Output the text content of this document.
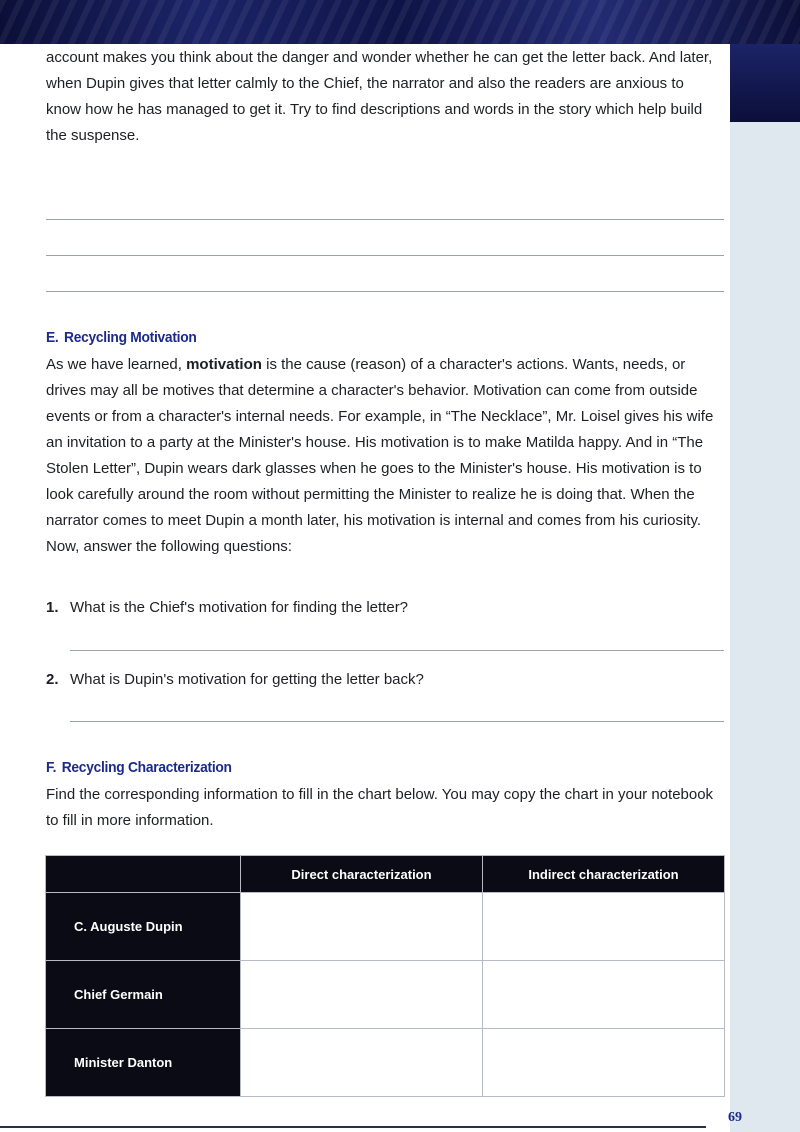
account makes you think about the danger and wonder whether he can get the letter back. And later, when Dupin gives that letter calmly to the Chief, the narrator and also the readers are anxious to know how he has managed to get it. Try to find descriptions and words in the story which help build the suspense.

E. Recycling Motivation

As we have learned, motivation is the cause (reason) of a character's actions. Wants, needs, or drives may all be motives that determine a character's behavior. Motivation can come from outside events or from a character's internal needs. For example, in “The Necklace”, Mr. Loisel gives his wife an invitation to a party at the Minister's house. His motivation is to make Matilda happy. And in “The Stolen Letter”, Dupin wears dark glasses when he goes to the Minister's house. His motivation is to look carefully around the room without permitting the Minister to realize he is doing that. When the narrator comes to meet Dupin a month later, his motivation is internal and comes from his curiosity. Now, answer the following questions:

1. What is the Chief's motivation for finding the letter?
2. What is Dupin's motivation for getting the letter back?
F. Recycling Characterization

Find the corresponding information to fill in the chart below. You may copy the chart in your notebook to fill in more information.

	Direct characterization	Indirect characterization
C. Auguste Dupin		
Chief Germain		
Minister Danton		
69
